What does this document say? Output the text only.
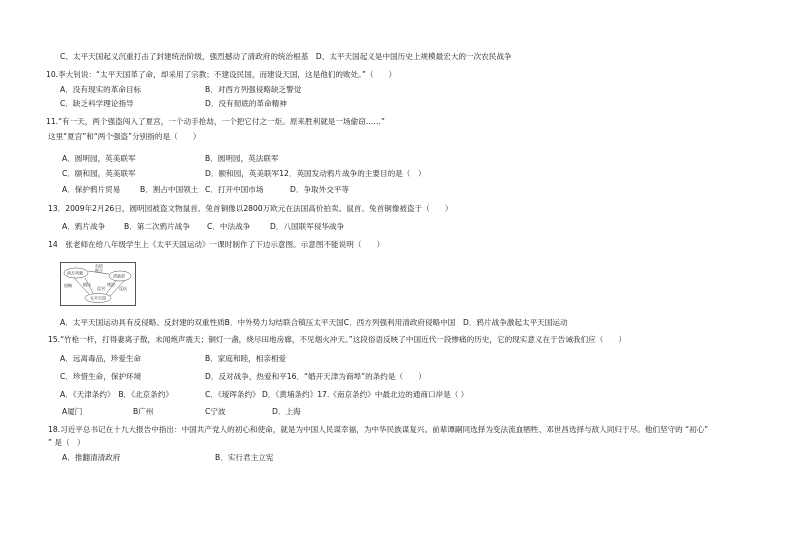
C、太平天国起义沉重打击了封建统治阶级，强烈撼动了清政府的统治根基　D、太平天国起义是中国历史上规模最宏大的一次农民战争
10.李大钊说：“太平天国革了命，却采用了宗教；不建设民国，而建设天国，这是他们的败处。”（　　）
A．没有现实的革命目标	B．对西方列强侵略缺乏警觉
C．缺乏科学理论指导	D．没有彻底的革命精神
11.“有一天，两个强盗闯入了夏宫，一个动手抢劫，一个把它付之一炬。原来胜利就是一场偷窃……”
这里“夏宫”和“两个强盗”分别指的是（　　）
A．圆明园，英美联军	B．圆明园，英法联军
C．颐和园，英美联军	D．颐和园，英美联军12．英国发动鸦片战争的主要目的是（　）
A．保护鸦片贸易	B．割占中国领土 C．打开中国市场	D．争取外交平等
13．2009年2月26日，圆明园被盗文物鼠首、兔首铜像以2800万欧元在法国高价拍卖。鼠首、兔首铜像被盗于（　　）
A．鸦片战争 B．第二次鸦片战争 C．中法战争	D．八国联军侵华战争
14　张老师在给八年级学生上《太平天国运动》一课时制作了下边示意图。示意图不能说明（　　）
西方列强
清政府
太平天国
勾结
联合
侵略	镇压	统治
反抗
反对
A．太平天国运动具有反侵略、反封建的双重性质B．中外势力勾结联合镇压太平天国C．西方列强利用清政府侵略中国　D．鸦片战争激起太平天国运动
15.“竹枪一杆，打得妻离子散，未闻炮声震天；铜灯一盏，烧尽田地房廊，不见烟火冲天。”这段俗语反映了中国近代一段惨痛的历史，它的现实意义在于告诫我们应（　　）
A．远离毒品，珍爱生命	B．家庭和睦，相亲相爱
C．珍惜生命，保护环境	D．反对战争，热爱和平16．“婚开天津为商埠”的条约是（　　）
A．《天津条约》　B．《北京条约》	C．《瑷珲条约》 D．《黄埔条约》17.《南京条约》中最北边的通商口岸是（ ）
A厦门	B广州	C宁波	D．上海
18.习近平总书记在十九大报告中指出：中国共产党人的初心和使命，就是为中国人民谋幸福，为中华民族谋复兴。前辈谭嗣同选择为变法流血牺牲、邓世昌选择与敌人同归于尽。他们坚守的 “初心”
” 是（　）
A．推翻清清政府	B．实行君主立宪
